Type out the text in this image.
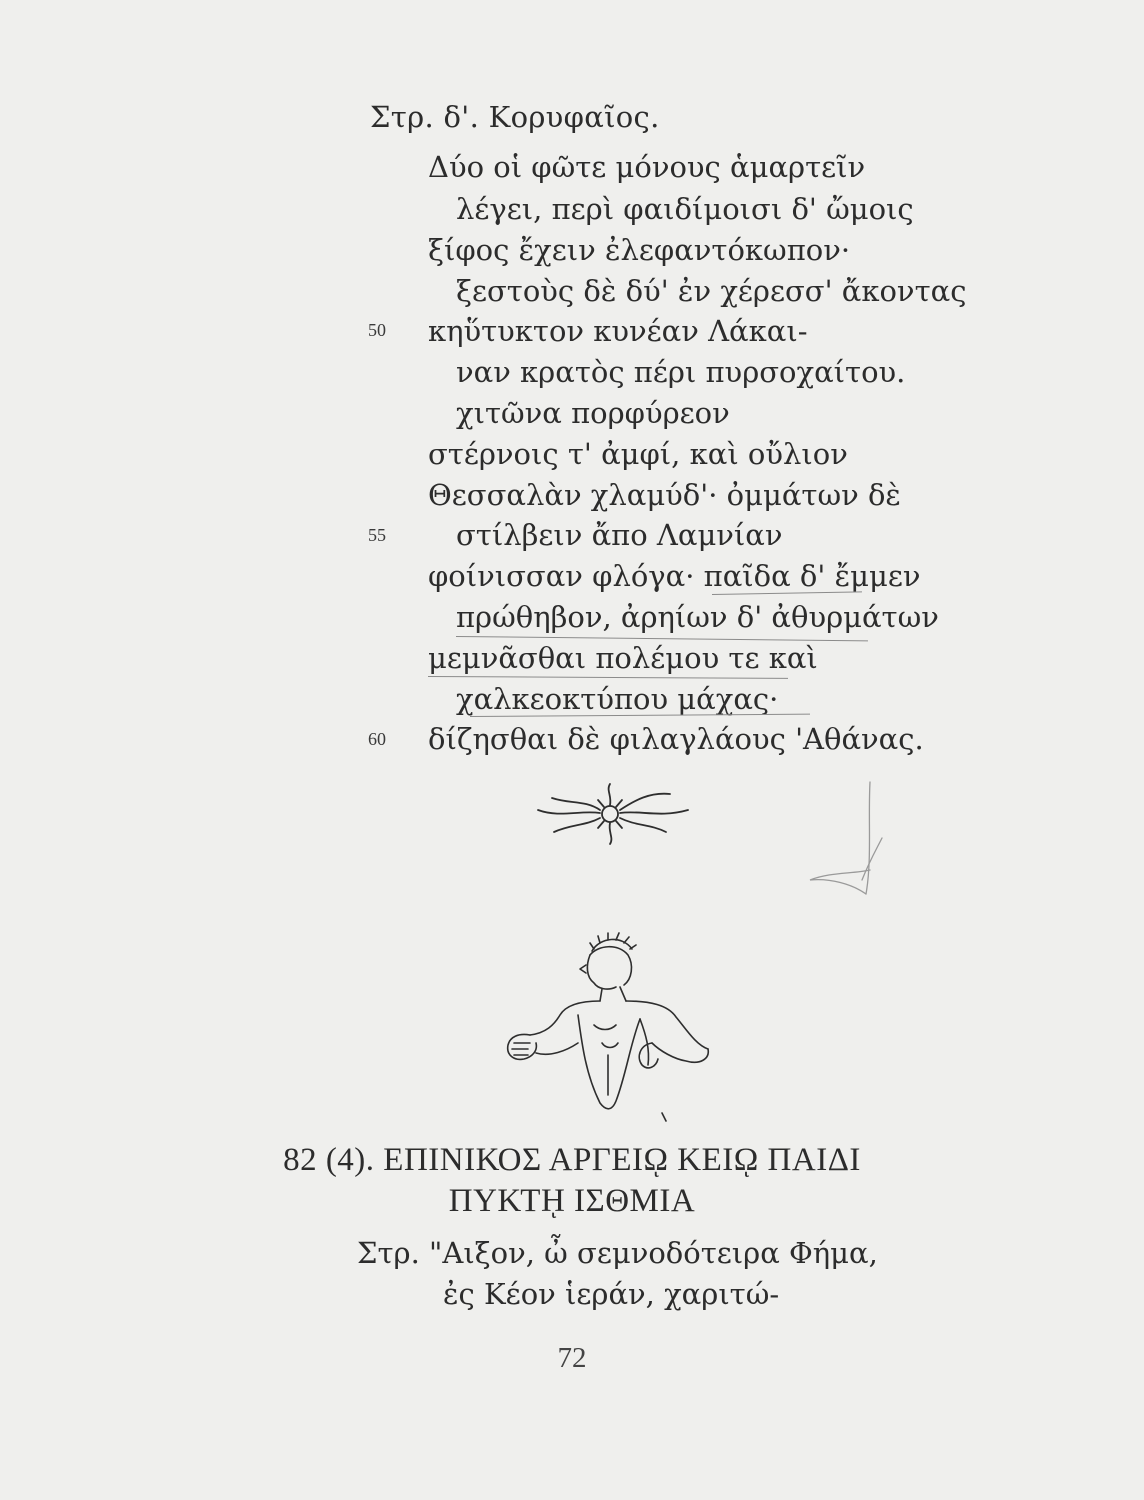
Στρ. δ'. Κορυφαῖος.
Δύο οἱ φῶτε μόνους ἁμαρτεῖν
λέγει, περὶ φαιδίμοισι δ' ὤμοις
ξίφος ἔχειν ἐλεφαντόκωπον·
ξεστοὺς δὲ δύ' ἐν χέρεσσ' ἄκοντας
κηὕτυκτον κυνέαν Λάκαι-
ναν κρατὸς πέρι πυρσοχαίτου.
χιτῶνα πορφύρεον
στέρνοις τ' ἀμφί, καὶ οὔλιον
Θεσσαλὰν χλαμύδ'· ὀμμάτων δὲ
στίλβειν ἄπο Λαμνίαν
φοίνισσαν φλόγα· παῖδα δ' ἔμμεν
πρώθηβον, ἀρηίων δ' ἀθυρμάτων
μεμνᾶσθαι πολέμου τε καὶ
χαλκεοκτύπου μάχας·
δίζησθαι δὲ φιλαγλάους 'Αθάνας.
50
55
60
82 (4). ΕΠΙΝΙΚΟΣ ΑΡΓΕΙῼ ΚΕΙῼ ΠΑΙΔΙ
ΠΥΚΤῌ ΙΣΘΜΙΑ
Στρ. "Αιξον, ὦ σεμνοδότειρα Φήμα,
ἐς Κέον ἱεράν, χαριτώ-
72
